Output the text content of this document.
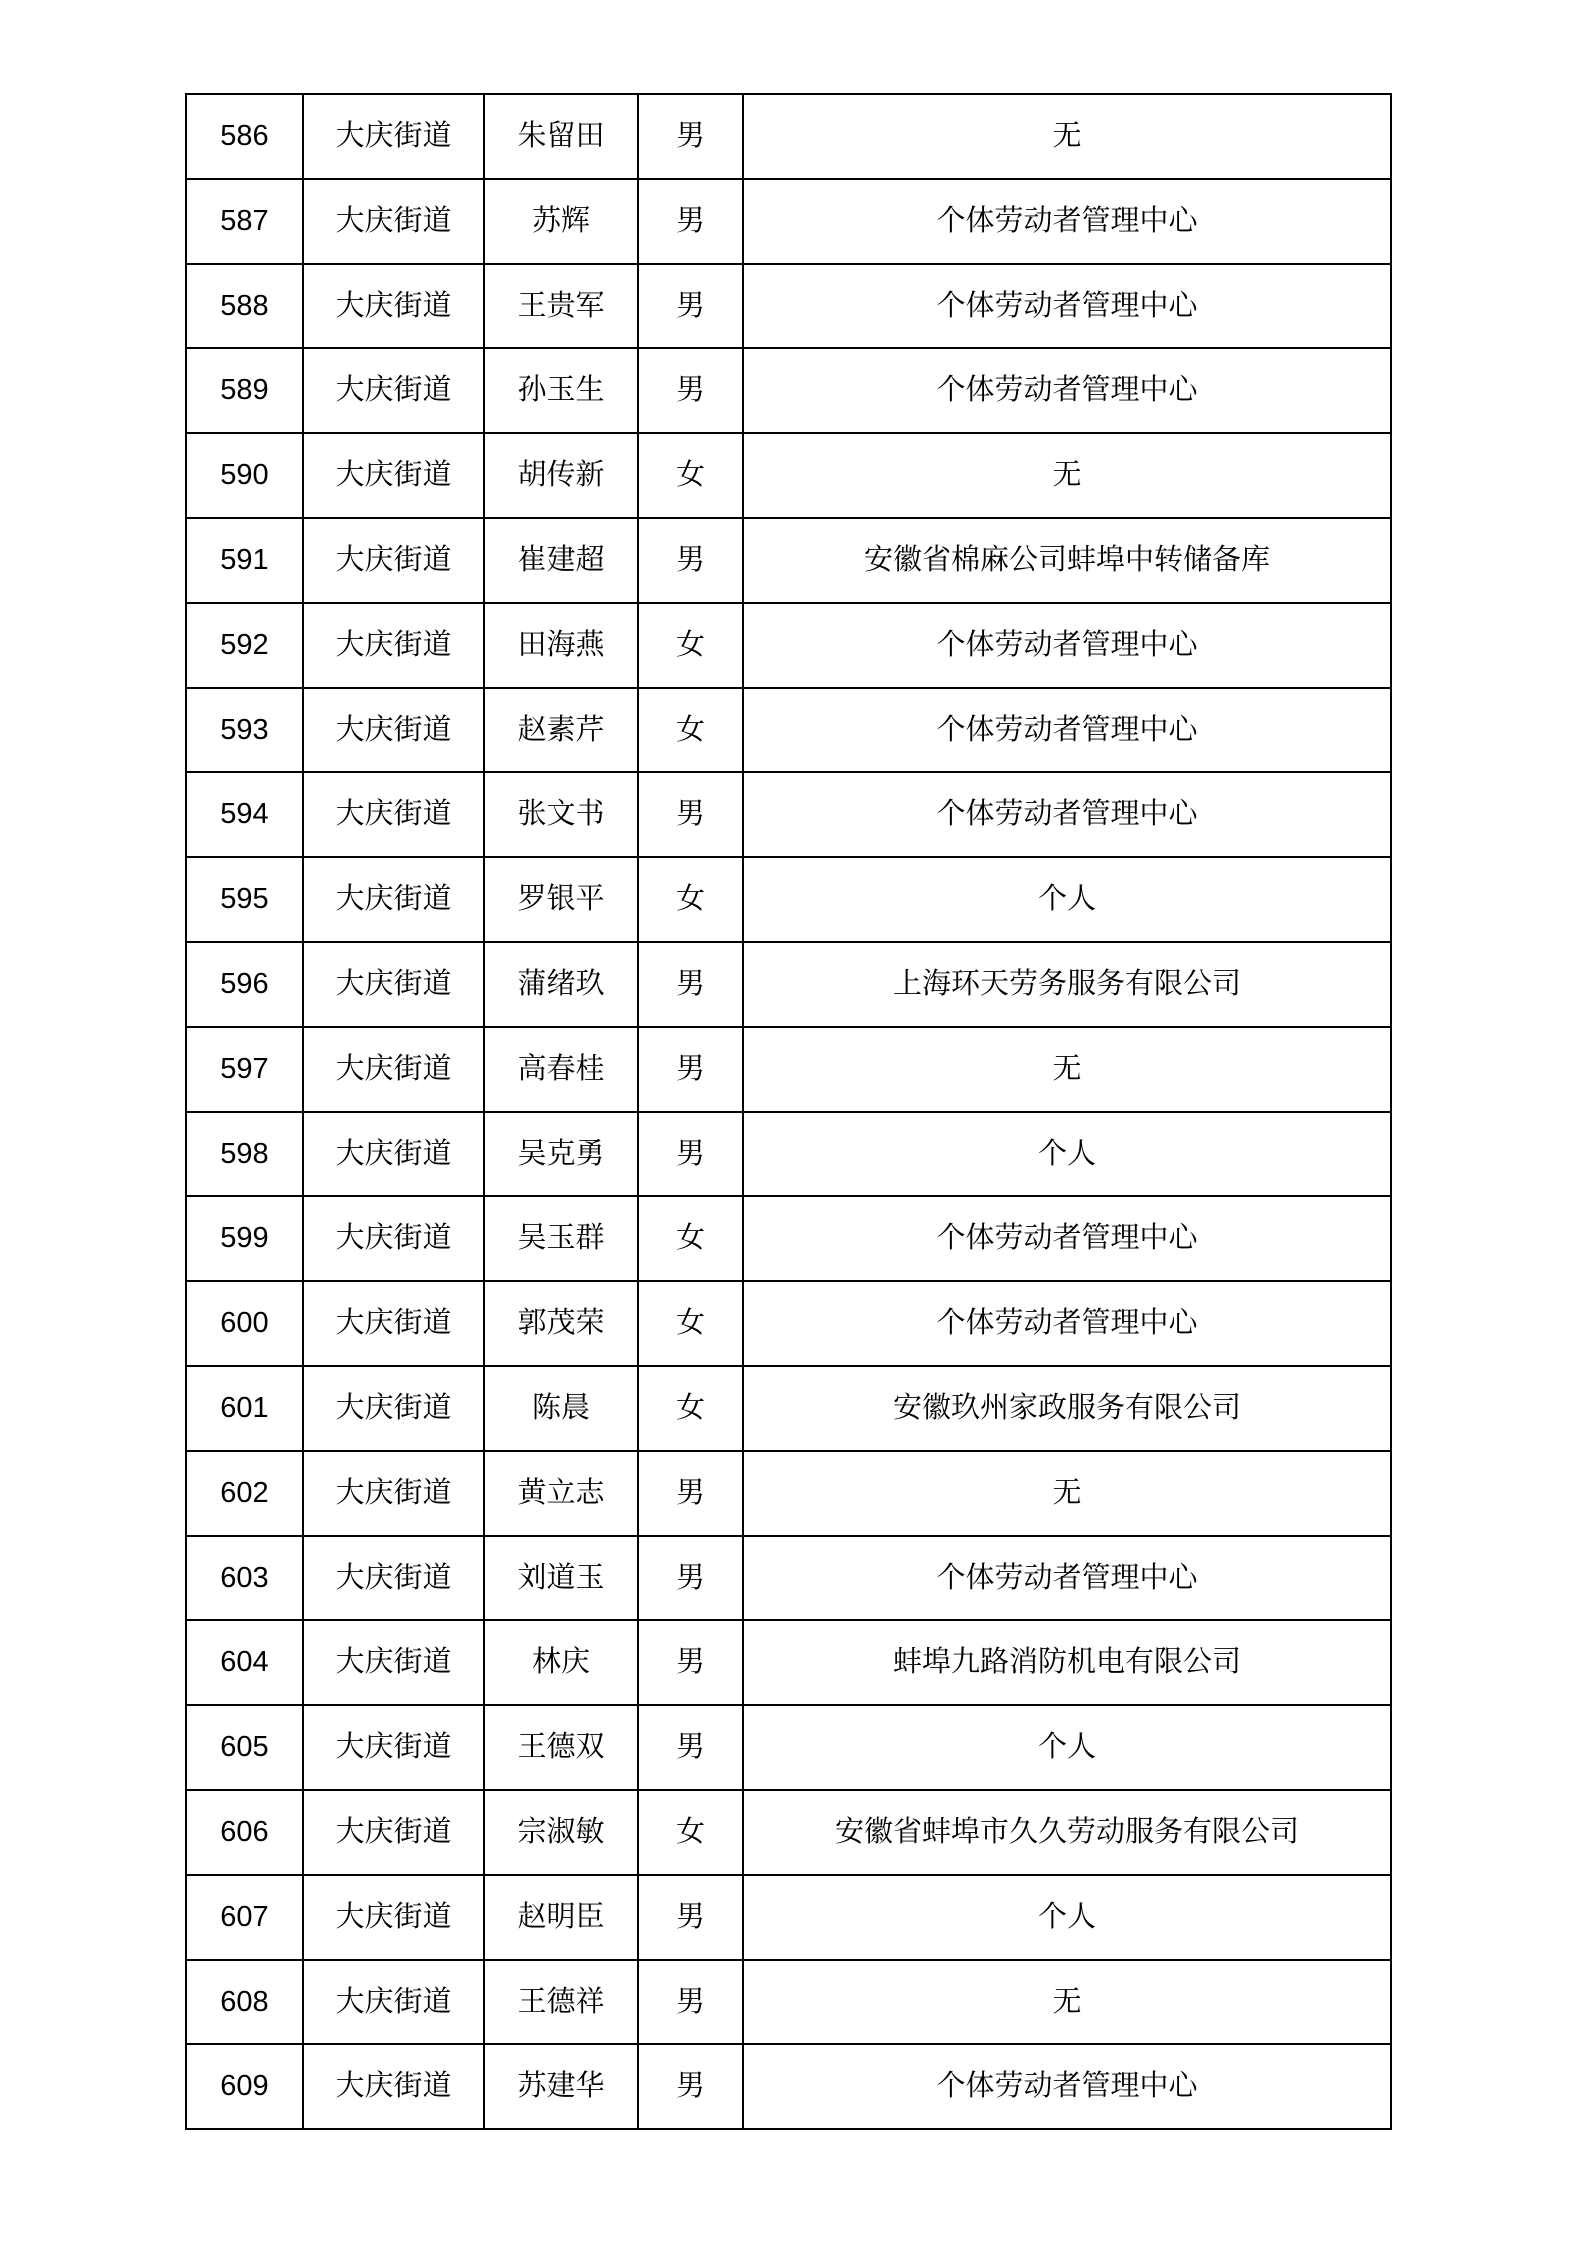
586	大庆街道	朱留田	男	无
587	大庆街道	苏辉	男	个体劳动者管理中心
588	大庆街道	王贵军	男	个体劳动者管理中心
589	大庆街道	孙玉生	男	个体劳动者管理中心
590	大庆街道	胡传新	女	无
591	大庆街道	崔建超	男	安徽省棉麻公司蚌埠中转储备库
592	大庆街道	田海燕	女	个体劳动者管理中心
593	大庆街道	赵素芹	女	个体劳动者管理中心
594	大庆街道	张文书	男	个体劳动者管理中心
595	大庆街道	罗银平	女	个人
596	大庆街道	蒲绪玖	男	上海环天劳务服务有限公司
597	大庆街道	高春桂	男	无
598	大庆街道	吴克勇	男	个人
599	大庆街道	吴玉群	女	个体劳动者管理中心
600	大庆街道	郭茂荣	女	个体劳动者管理中心
601	大庆街道	陈晨	女	安徽玖州家政服务有限公司
602	大庆街道	黄立志	男	无
603	大庆街道	刘道玉	男	个体劳动者管理中心
604	大庆街道	林庆	男	蚌埠九路消防机电有限公司
605	大庆街道	王德双	男	个人
606	大庆街道	宗淑敏	女	安徽省蚌埠市久久劳动服务有限公司
607	大庆街道	赵明臣	男	个人
608	大庆街道	王德祥	男	无
609	大庆街道	苏建华	男	个体劳动者管理中心
